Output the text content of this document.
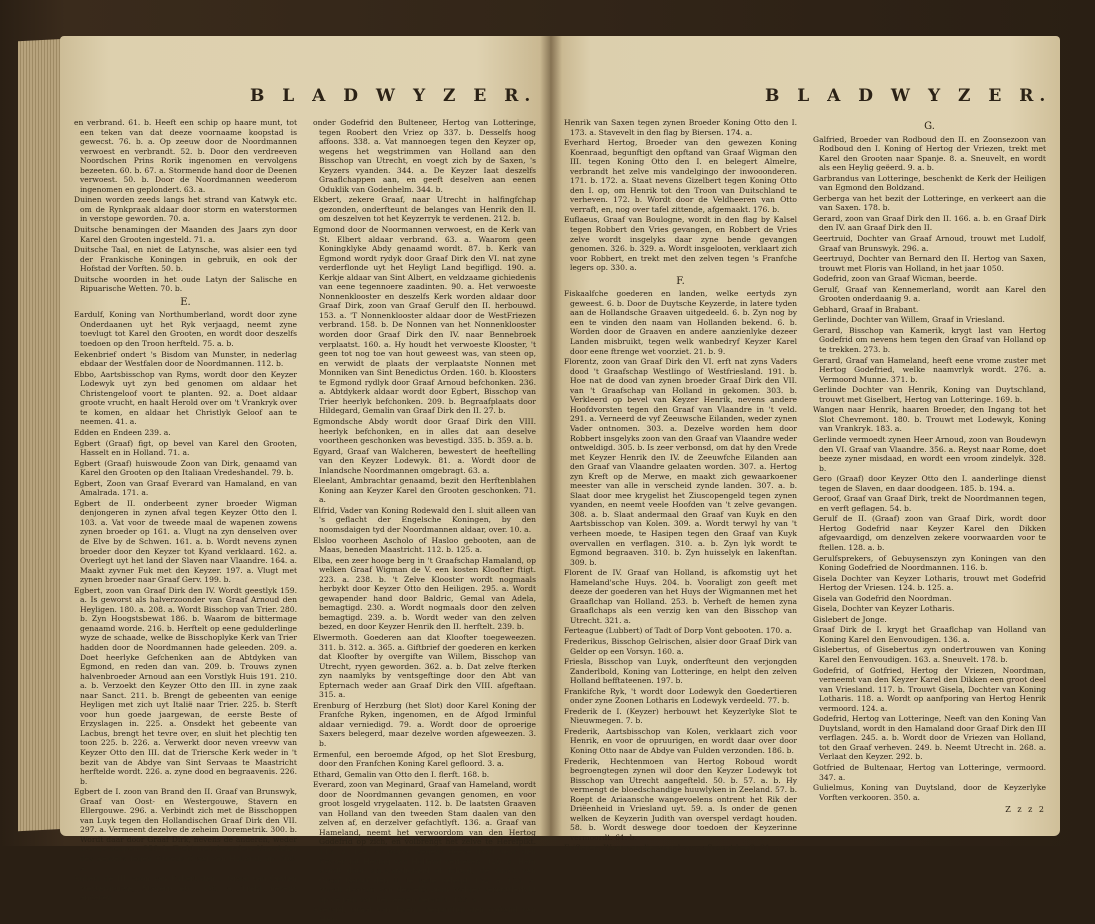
B L A D W Y Z E R.

en verbrand. 61. b. Heeft een schip op haare munt, tot een teken van dat deeze voornaame koopstad is gewecst. 76. b. a. Op zeeuw door de Noordmannen verwoest en verbrandt. 52. b. Door den verdreeven Noordschen Prins Rorik ingenomen en vervolgens bezeeten. 60. b. 67. a. Stormende hand door de Deenen verwoest. 50. b. Door de Noordmannen weederom ingenomen en geplondert. 63. a.

Duinen worden zeeds langs het strand van Katwyk etc. om de Rynkpraak aldaar door storm en waterstormen in verstope geworden. 70. a.

Duitsche benamingen der Maanden des Jaars zyn door Karel den Grooten ingesteld. 71. a.

Duitsche Taal, en niet de Latynsche, was alsier een tyd der Frankische Koningen in gebruik, en ook der Hofstad der Vorften. 50. b.

Duitsche woorden in het oude Latyn der Salische en Ripuarische Wetten. 70. b.

E.

Eardulf, Koning van Northumberland, wordt door zyne Onderdaanen uyt het Ryk verjaagd, neemt zyne toevlugt tot Karel den Grooten, en wordt door deszelfs toedoen op den Troon herfteld. 75. a. b.

Eekenbrief ondert 's Bisdom van Munster, in nederlag ebdaar der Westfalen door de Noordmannen. 112. b.

Ebbo, Aartsbisschop van Ryms, wordt door den Keyzer Lodewyk uyt zyn bed genomen om aldaar het Christengeloof voort te planten. 92. a. Doet aldaar groote vrucht, en haalt Herold over om 't Vrankryk over te komen, en aldaar het Christlyk Geloof aan te neemen. 41. a.

Edden en Endeen 239. a.

Egbert (Graaf) figt, op bevel van Karel den Grooten, Hasselt en in Holland. 71. a.

Egbert (Graaf) huiswoude Zoon van Dirk, genaamd van Karel den Grooten op den Italiaan Vredeshandel. 79. b.

Egbert, Zoon van Graaf Everard van Hamaland, en van Amalrada. 171. a.

Egbert de II. onderbeent zyner broeder Wigman denjongeren in zynen afval tegen Keyzer Otto den I. 103. a. Vat voor de tweede maal de wapenen zowens zynen broeder op 161. a. Vlugt na zyn denselven over de Elve by de Schwen. 161. a. b. Wordt nevens zynen broeder door den Keyzer tot Kyand verklaard. 162. a. Overlegt uyt het land der Slaven naar Vlaandre. 164. a. Maakt zyvner Fuk met den Keyzer. 197. a. Vlugt met zynen broeder naar Graaf Gerv. 199. b.

Egbert, zoon van Graaf Dirk den IV. Wordt geestlyk 159. a. Is geworst als halverzoonder van Graaf Arnoud den Heyligen. 180. a. 208. a. Wordt Bisschop van Trier. 280. b. Zyn Hoogstsbewat 186. b. Waarom de bittermage genaamd worde. 216. b. Herftelt op eene gedulderlinge wyze de schaade, welke de Bisschoplyke Kerk van Trier hadden door de Noordmannen hade geleeden. 209. a. Doet heerlyke Gefchenken aan de Abtdyken van Egmond, en reden dan van. 209. b. Trouws zynen halvenbroeder Arnoud aan een Vorstlyk Huis 191. 210. a. b. Verzoekt den Keyzer Otto den III. in zyne zaak naar Sanct. 211. b. Brengt de gebeenten van eenige Heyligen met zich uyt Italië naar Trier. 225. b. Sterft voor hun goede jaargewan, de eerste Beste of Erzyslagen in. 225. a. Onsdekt het gebeente van Lacbus, brengt het tevre over, en sluit het plechtig ten toon 225. b. 226. a. Verwerkt door neven vreevw van Keyzer Otto den III. dat de Triersche Kerk weder in 't bezit van de Abdye van Sint Servaas te Maastricht herftelde wordt. 226. a. zyne dood en begraavenis. 226. b.

Egbert de I. zoon van Brand den II. Graaf van Brunswyk, Graaf van Oost- en Westergouwe, Stavern en Ellergouwe. 296. a. Verbindt zich met de Bisschoppen van Luyk tegen den Hollandischen Graaf Dirk den VII. 297. a. Vermeent dezelve de zeheim Doremetrik. 300. b. Wordt daar door Graaf Dirk, nevens de anderen, weder overgeroeopen. 356. b. Trekt met de andere Vaandelen des Keyzers tegen Floreus Graaf van Holland, op. 308. a.

Egbert de III. zoon van Egbert den I. Graaf van Oosten Westergouwe, Stavern etc. 336. a. Trekt nevens anderen

onder Godefrid den Bulteneer, Hertog van Lotteringe, tegen Roobert den Vriez op 337. b. Desselfs hoog affoons. 338. a. Vat mannoegen tegen den Keyzer op, wegens het wegstrimmen van Holland aan den Bisschop van Utrecht, en voegt zich by de Saxen, 's Keyzers vyanden. 344. a. De Keyzer Iaat deszelfs Graaflchappen aan, en geeft deselven aan eenen Oduklik van Godenhelm. 344. b.

Ekbert, zekere Graaf, naar Utrecht in halfingfchap gezonden, onderfteunt de belanges van Henrik den II. om deszelven tot het Keyzerryk te verdenen. 212. b.

Egmond door de Noormannen verwoest, en de Kerk van St. Elbert aldaar verbrand. 63. a. Waarom geen Koningklyke Abdy genaamd wordt. 87. b. Kerk van Egmond wordt rydyk door Graaf Dirk den VI. nat zyne verderflonde uyt het Heyligt Land begifligd. 190. a. Kerkje aldaar van Sint Albert, en veldzaame gichiedenis van eene tegennoere zaadinten. 90. a. Het verwoeste Nonnenklooster en deszelfs Kerk worden aldaar door Graaf Dirk, zoon van Graaf Gerulf den II. herbouwd. 153. a. 'T Nonnenklooster aldaar door de WestFriezen verbrand. 158. b. De Nonnen van het Nonnenklooster worden door Graaf Dirk den IV. naar Bennebroek verplaatst. 160. a. Hy houdt het verwoeste Klooster, 't geen tot nog toe van hout geweest was, van steen op, en verwidt de plaats der verplaatste Nonnen met Monniken van Sint Benedictus Orden. 160. b. Kloosters te Egmond rydlyk door Graaf Arnoud befchonken. 236. a. Abtdykerk aldaar wordt door Egbert, Bisschop van Trier heerlyk befchonken. 209. b. Begraafplaats door Hildegard, Gemalin van Graaf Dirk den II. 27. b.

Egmondsche Abdy wordt door Graaf Dirk den VIII. heerlyk befchonken, en in alles dat aan deselve voortheen geschonken was bevestigd. 335. b. 359. a. b.

Egyard, Graaf van Walcheren, bewestert de heeftelling van den Keyzer Lodewyk. 81. a. Wordt door de Inlandsche Noordmannen omgebragt. 63. a.

Eleelant, Ambrachtar genaamd, bezit den Herftenblahen Koning aan Keyzer Karel den Grooten geschonken. 71. a.

Elfrid, Vader van Koning Rodewald den I. sluit alleen van 's geflacht der Engelsche Koningen, by den noomsdaigen tyd der Noordmannen aldaar, over. 10. a.

Elsloo voorheen Ascholo of Hasloo gebooten, aan de Maas, beneden Maastricht. 112. b. 125. a.

Elba, een zeer hooge berg in 't Graafschap Hamaland, op welken Graaf Wigman de V. een kosten Kloofter ftigt. 223. a. 238. b. 't Zelve Klooster wordt nogmaals herbykt door Keyzer Otto den Heiligen. 295. a. Wordt gewapender hand door Baldric, Gemal van Adela, bemagtigd. 230. a. Wordt nogmaals door den zelven bemagtigd. 239. a. b. Wordt weder van den zelven bezed, en door Keyzer Henrik den II. herftelt. 239. b.

Elwermoth. Goederen aan dat Kloofter toegeweezen. 311. b. 312. a. 365. a. Giftbrief der goederen en kerken dat Kloofter by overgifte van Willem, Bisschop van Utrecht, ryyen geworden. 362. a. b. Dat zelve fterken zyn naamlyks by ventsgeftinge door den Abt van Epternach weder aan Graaf Dirk den VIII. afgeftaan. 315. a.

Erenburg of Herzburg (het Slot) door Karel Koning der Franfche Ryken, ingenomen, en de Afgod Irminful aldaar verniedigd. 79. a. Wordt door de oproerige Saxers belegerd, maar dezelve worden afgeweezen. 3. b.

Ermenful, een beroemde Afgod, op het Slot Eresburg, door den Franfchen Koning Karel gefloord. 3. a.

Ethard, Gemalin van Otto den I. flerft. 168. b.

Everard, zoon van Meginard, Graaf van Hameland, wordt door de Noordmannen gevangen genomen, en voor groot losgeld vrygelaaten. 112. b. De laatsten Graaven van Holland van den tweeden Stam daalen van den zelven af, en derzelver gefachtlyft. 136. a. Graaf van Hameland, neemt het verwoordom van den Hertog Godefrid op zich, en volbrengt het zelve te Herefpikt. 113. b. 124. a. Wordt wegens deeze daad door den Keyzer tot Hertog van Holland verheven. 126. a. Hem wordt door stalklandigheid of fchuld, de doodt van Graaf Gerulf den II. te laste gelegd. 132. a. 133. a. Wordt daarom van deszelfs zoon Walger verontderlykt op de jagt van het leeven beroofd. 133. a.

Everard, Graaf van Twent, begunftigt den opftand van Hen-

B L A D W Y Z E R.

Henrik van Saxen tegen zynen Broeder Koning Otto den I. 173. a. Stavevelt in den flag by Biersen. 174. a.

Everhard Hertog, Broeder van den gewezen Koning Koenraad, begunftigt den opftand van Graaf Wigman den III. tegen Koning Otto den I. en belegert Almelre, verbrandt het zelve mis vandelgingo der inwooonderen. 171. b. 172. a. Staat nevens Gizelbert tegen Koning Otto den I. op, om Henrik tot den Troon van Duitschland te verheven. 172. b. Wordt door de Veldheeren van Otto verraft, en, nog over tafel zittende, afgemaakt. 176. b.

Euflaeus, Graaf van Boulogne, wordt in den flag by Kalsel tegen Robbert den Vries gevangen, en Robbert de Vries zelve wordt insgelyks daar zyne bende gevangen genomen. 326. b. 329. a. Wordt insgelooten, verklaart zich voor Robbert, en trekt met den zelven tegen 's Franfche legers op. 330. a.

F.

Fiskaalfche goederen en landen, welke eertyds zyn geweest. 6. b. Door de Duytsche Keyzerde, in latere tyden aan de Hollandsche Graaven uitgedeeld. 6. b. Zyn nog by een te vinden den naam van Hollanden bekend. 6. b. Worden door de Graaven en andere aanzienlyke dezeer Landen misbruikt, tegen welk wanbedryf Keyzer Karel door eene ftrenge wet voorziet. 21. b. 9.

Florentz, zoon van Graaf Dirk den VI. erft nat zyns Vaders dood 't Graafschap Westlingo of Westfriesland. 191. b. Hoe nat de dood van zynen broeder Graaf Dirk den VII. van 't Graafschap van Holland in gekomen. 303. b. Verkleerd op bevel van Keyzer Henrik, nevens andere Hoofdvorsten tegen den Graaf van Vlaandre in 't veld. 291. a. Verneerd de vyf Zeeuwsche Eilanden, weder zynen Vader ontnomen. 303. a. Dezelve worden hem door Robbert insgelyks zoon van den Graaf van Vlaandre weder ontweldigd. 305. b. Is zeer verbonsd, om dat hy den Vrede met Keyzer Henrik den IV. de Zeeuwfche Eilanden aan den Graaf van Vlaandre gelaaten worden. 307. a. Hertog zyn Kreft op de Merwe, en maakt zich gewaarkoener meester van alle in verscheid zynde landen. 307. a. b. Slaat door mee krygelist het Ziuscopengeld tegen zynen vyanden, en neemt veele Hoofden van 't zelve gevangen. 308. a. b. Slaat andermaal den Graaf van Kuyk en den Aartsbisschop van Kolen. 309. a. Wordt terwyl hy van 't verheen moede, te Hasipen tegen den Graaf van Kuyk overvallen en verflagen. 310. a. b. Zyn lyk wordt te Egmond begraaven. 310. b. Zyn huisselyk en Iakenftan. 309. b.

Florent de IV. Graaf van Holland, is afkomstig uyt het Hameland'sche Huys. 204. b. Vooraligt zon geeft met deeze der goederen van het Huys der Wigmannen met het Graaflchap van Holland. 253. b. Verheft de hemen zyna Graaflchaps als een verzig ken van den Bisschop van Utrecht. 321. a.

Ferteague (Lubbert) of Tadt of Dorp Vont gebooten. 170. a.

Frederikus, Bisschop Gelrischen, alsier door Graaf Dirk van Gelder op een Vorsyn. 160. a.

Friesla, Bisschop van Luyk, onderfteunt den verjongden Zanderlbold, Koning van Lotteringe, en helpt den zelven Holland befftateenen. 197. b.

Frankifche Ryk, 't wordt door Lodewyk den Goedertieren onder zyne Zoonen Lotharis en Lodewyk verdeeld. 77. b.

Frederik de I. (Keyzer) herbouwt het Keyzerlyke Slot te Nieuwmegen. 7. b.

Frederik, Aartsbisschop van Kolen, verklaart zich voor Henrik, en voor de opruurigen, en wordt daar over door Koning Otto naar de Abdye van Fulden verzonden. 186. b.

Frederik, Hechtenmoen van Hertog Roboud wordt begroengtegen zynen wil door den Keyzer Lodewyk tot Bisschop van Utrecht aangefteld. 50. b. 57. a. b. Hy vermengt de bloedschandige huuwlyken in Zeeland. 57. b. Roept de Ariaansche wangevoelens ontrent het Rik der Driëenheid in Vriesland uyt. 59. a. Is onder de genen welken de Keyzerin Judith van overspel verdagt houden. 58. b. Wordt deswege door toedoen der Keyzerinne vermoordt. 61. b.

Frifteren. Waar van die woord zyne afkomst heeft. 21. a.

G.

Galfried, Broeder van Rodboud den II. en Zoonsezoon van Rodboud den I. Koning of Hertog der Vriezen, trekt met Karel den Grooten naar Spanje. 8. a. Sneuvelt, en wordt als een Heylig geëerd. 9. a. b.

Garbrandus van Lotteringe, beschenkt de Kerk der Heiligen van Egmond den Boldzand.

Gerberga van het bezit der Lotteringe, en verkeert aan die van Saxen. 178. b.

Gerard, zoon van Graaf Dirk den II. 166. a. b. en Graaf Dirk den IV. aan Graaf Dirk den II.

Geertruid, Dochter van Graaf Arnoud, trouwt met Ludolf, Graaf van Brunswyk. 296. a.

Geertruyd, Dochter van Bernard den II. Hertog van Saxen, trouwt met Floris van Holland, in het jaar 1050.

Godefrid, zoon van Graaf Wicman, beerde.

Gerulf, Graaf van Kennemerland, wordt aan Karel den Grooten onderdaanig 9. a.

Gebhard, Graaf in Brabant.

Gerlinde, Dochter van Willem, Graaf in Vriesland.

Gerard, Bisschop van Kamerik, krygt last van Hertog Godefrid om nevens hem tegen den Graaf van Holland op te trekken. 273. b.

Gerard, Graaf van Hameland, heeft eene vrome zuster met Hertog Godefried, welke naamvrlyk wordt. 276. a. Vermoord Munne. 371. b.

Gerlinde Dochter van Henrik, Koning van Duytschland, trouwt met Giselbert, Hertog van Lotteringe. 169. b.

Wangen naar Henrik, haaren Broeder, den Ingang tot het Slot Chevremont. 180. b. Trouwt met Lodewyk, Koning van Vrankryk. 183. a.

Gerlinde vermoedt zynen Heer Arnoud, zoon van Boudewyn den VI. Graaf van Vlaandre. 356. a. Reyst naar Rome, doet beeze zyner misdaad, en wordt een vroom zindelyk. 328. b.

Gero (Graaf) door Keyzer Otto den I. aanderlinge dienst tegen de Slaven, en daar doodgeen. 185. b. 194. a.

Geroof, Graaf van Graaf Dirk, trekt de Noordmannen tegen, en verft geflagen. 54. b.

Gerulf de II. (Graaf) zoon van Graaf Dirk, wordt door Hertog Godefrid naar Keyzer Karel den Dikken afgevaardigd, om denzelven zekere voorwaarden voor te ftellen. 128. a. b.

Gerulfsprekers, of Gebuysenszyn zyn Koningen van den Koning Godefried de Noordmannen. 116. b.

Gisela Dochter van Keyzer Lotharis, trouwt met Godefrid Hertog der Vriesen. 124. b. 125. a.

Gisela van Godefrid den Noordman.

Gisela, Dochter van Keyzer Lotharis.

Gislebert de Jonge.

Graaf Dirk de I. krygt het Graaflchap van Holland van Koning Karel den Eenvoudigen. 136. a.

Gislebertus, of Gisebertus zyn ondertrouwen van Koning Karel den Eenvoudigen. 163. a. Sneuvelt. 178. b.

Godefrid, of Gotfried, Hertog der Vriezen, Noordman, verneemt van den Keyzer Karel den Dikken een groot deel van Vriesland. 117. b. Trouwt Gisela, Dochter van Koning Lotharis. 118. a. Wordt op aanfporing van Hertog Henrik vermoord. 124. a.

Godefrid, Hertog van Lotteringe, Neeft van den Koning Van Duytsland, wordt in den Hamaland door Graaf Dirk den III verflagen. 245. a. b. Wordt door de Vriezen van Holland, tot den Graaf verheven. 249. b. Neemt Utrecht in. 268. a. Verlaat den Keyzer. 292. b.

Gotfried de Bultenaar, Hertog van Lotteringe, vermoord. 347. a.

Gulielmus, Koning van Duytsland, door de Keyzerlyke Vorften verkooren. 350. a.

Z z z 2
